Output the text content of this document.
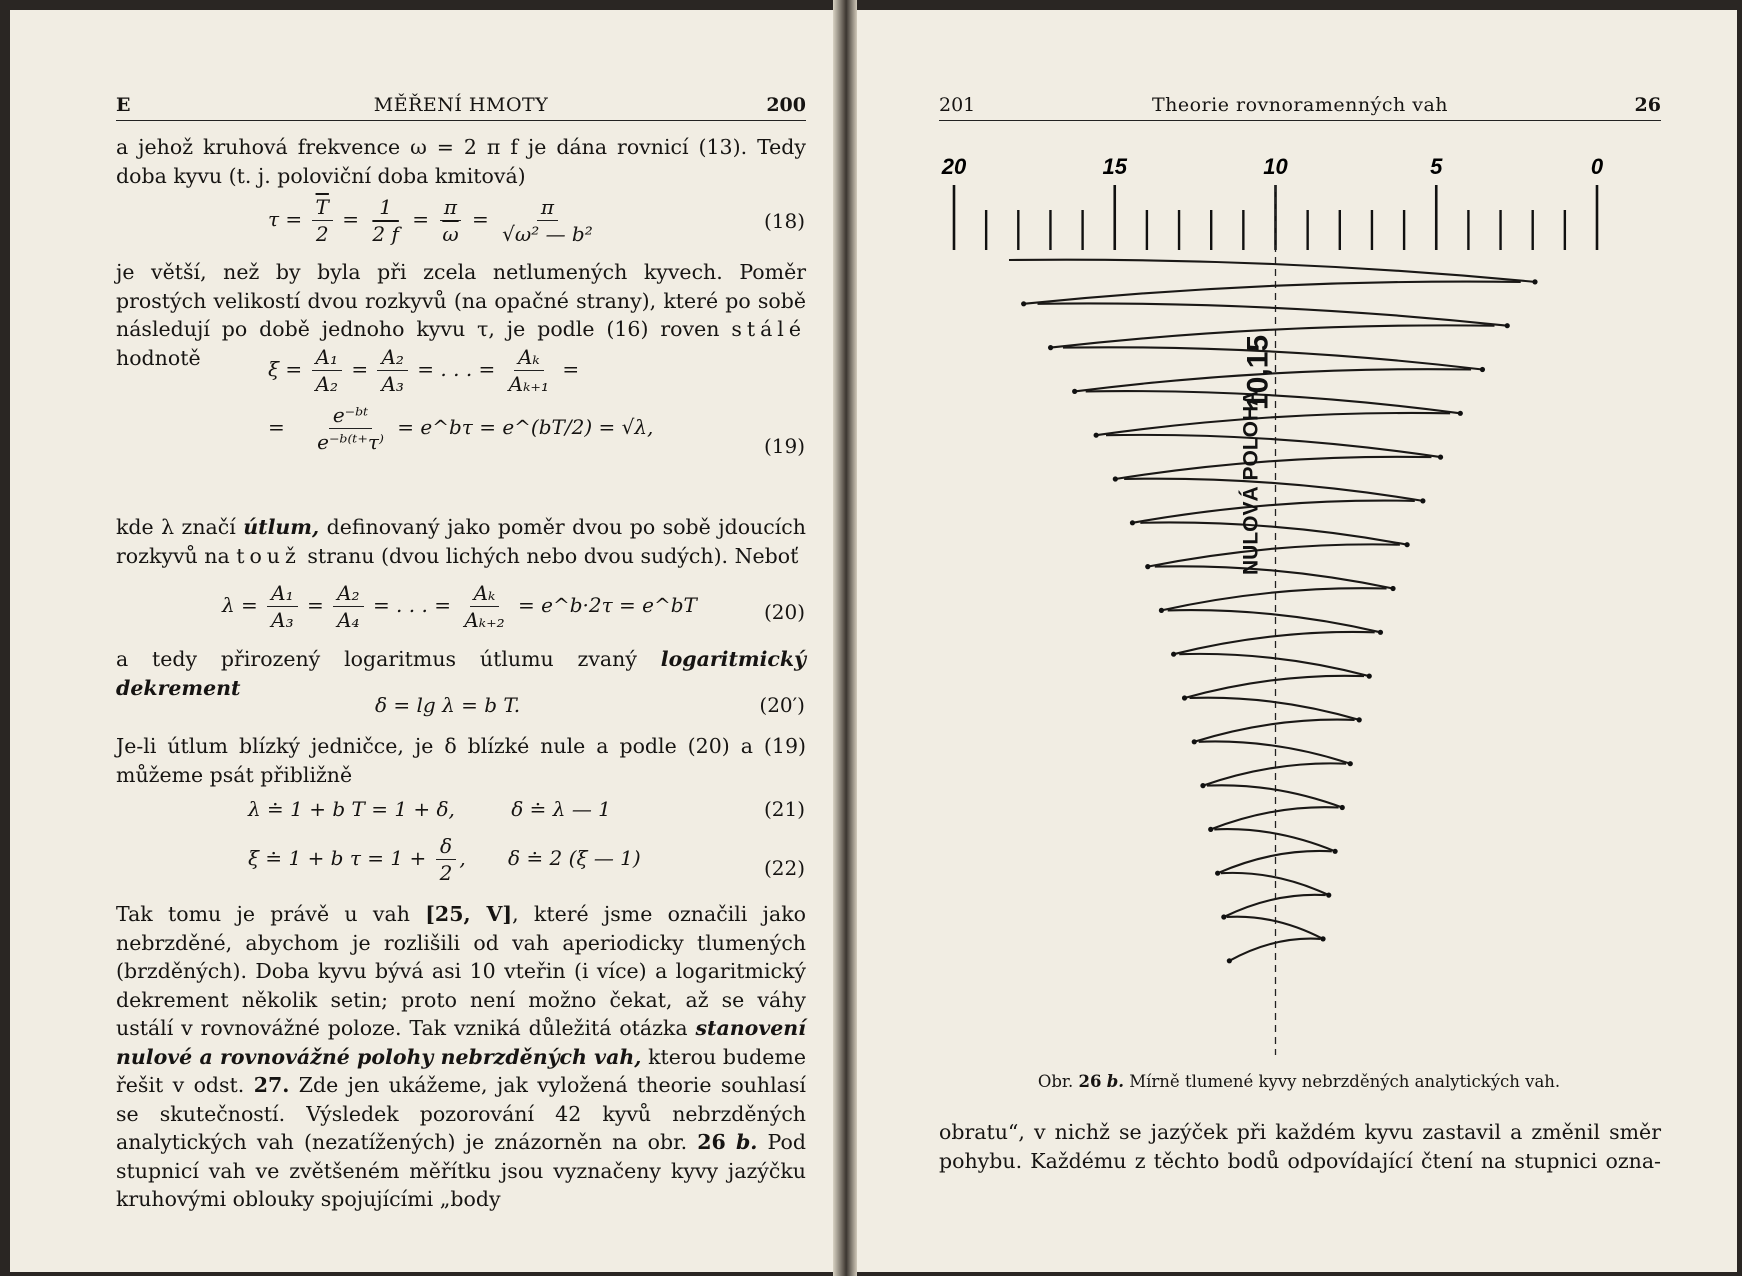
E	MĚŘENÍ HMOTY	200

a jehož kruhová frekvence ω = 2 π f je dána rovnicí (13). Tedy doba kyvu (t. j. poloviční doba kmitová)

$\tau = \frac{\overline{T}}{2} = \frac{1}{2 f} = \frac{\pi}{\omega} = \frac{\pi}{\text{√ω² — b²}}$	(18)

je větší, než by byla při zcela netlumených kyvech. Poměr prostých velikostí dvou rozkyvů (na opačné strany), které po sobě následují po době jednoho kyvu τ, je podle (16) roven stálé hodnotě	$\xi = \frac{\text{A₁}}{\text{A₂}} = \frac{\text{A₂}}{\text{A₃}}$ = . . . = $\frac{\text{Aₖ}}{\text{Aₖ₊₁}}$ =
= $\frac{\text{e⁻ᵇᵗ}}{\text{e⁻ᵇ⁽ᵗ⁺τ⁾}}$ = e^bτ = e^(bT/2) = √λ,
(19)

kde λ značí útlum, definovaný jako poměr dvou po sobě jdoucích rozkyvů na touž stranu (dvou lichých nebo dvou sudých). Neboť

$\lambda = \frac{\text{A₁}}{\text{A₃}} = \frac{\text{A₂}}{\text{A₄}}$ = . . . = $\frac{\text{Aₖ}}{\text{Aₖ₊₂}}$ = e^b·2τ = e^bT	(20)

a tedy přirozený logaritmus útlumu zvaný logaritmický dekrement

δ = lg λ = b T.	(20′)

Je-li útlum blízký jedničce, je δ blízké nule a podle (20) a (19) můžeme psát přibližně

λ ≐ 1 + b T = 1 + δ,	δ ≐ λ — 1	(21)
ξ ≐ 1 + b $\tau = 1 + \frac{\delta}{2}$ , δ ≐ 2 (ξ — 1)	(22)

Tak tomu je právě u vah [25, V], které jsme označili jako nebrzděné, abychom je rozlišili od vah aperiodicky tlumených (brzděných). Doba kyvu bývá asi 10 vteřin (i více) a logaritmický dekrement několik setin; proto není možno čekat, až se váhy ustálí v rovnovážné poloze. Tak vzniká důležitá otázka stanovení nulové a rovnovážné polohy nebrzděných vah, kterou budeme řešit v odst. 27. Zde jen ukážeme, jak vyložená theorie souhlasí se skutečností. Výsledek pozorování 42 kyvů nebrzděných analytických vah (nezatížených) je znázorněn na obr. 26 b. Pod stupnicí vah ve zvětšeném měřítku jsou vyznačeny kyvy jazýčku kruhovými oblouky spojujícími „body

201	Theorie rovnoramenných vah	26
20	15	10	5	0
NULOVÁ POLOHA
10,15
Obr. 26 b. Mírně tlumené kyvy nebrzděných analytických vah.

obratu“, v nichž se jazýček při každém kyvu zastavil a změnil směr pohybu. Každému z těchto bodů odpovídající čtení na stupnici ozna-
